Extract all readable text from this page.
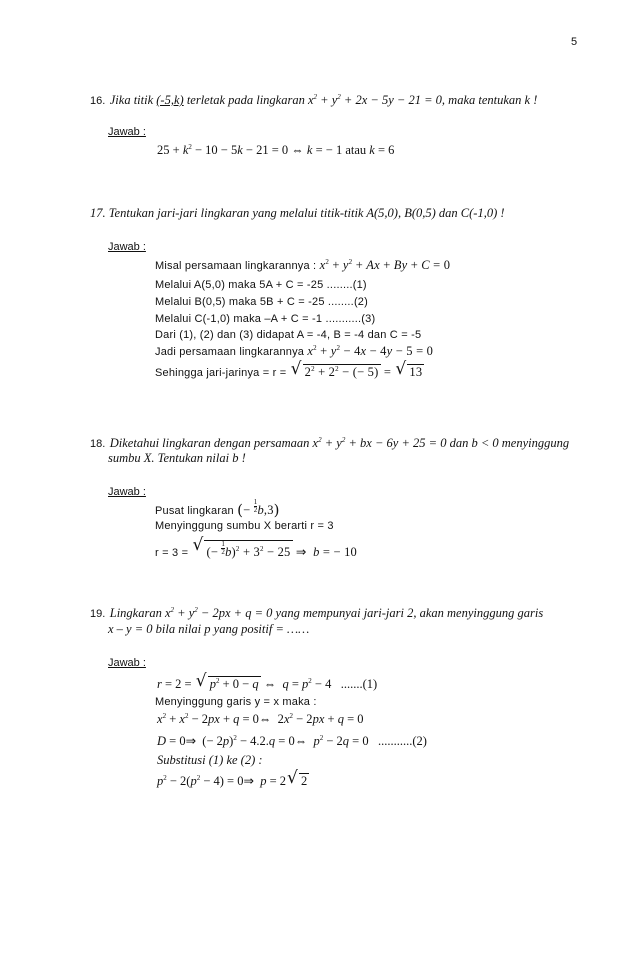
5
16. Jika titik (-5,k) terletak pada lingkaran $x^2 + y^2 + 2x - 5y - 21 = 0$, maka tentukan k !
Jawab :
$25 + k^2 - 10 - 5k - 21 = 0$ ⇔ k = − 1 atau k = 6
17. Tentukan jari-jari lingkaran yang melalui titik-titik A(5,0), B(0,5) dan C(-1,0) !
Jawab :
Misal persamaan lingkarannya : $x^2 + y^2 + Ax + By + C = 0$
Melalui A(5,0) maka 5A + C = -25 ........(1)
Melalui B(0,5) maka 5B + C = -25 ........(2)
Melalui C(-1,0) maka –A + C = -1 ...........(3)
Dari (1), (2) dan (3) didapat A = -4, B = -4 dan C = -5
Jadi persamaan lingkarannya $x^2 + y^2 - 4x - 4y - 5 = 0$
Sehingga jari-jarinya = r = √ $2^2 + 2^2$ − (− 5) = √ 13
18. Diketahui lingkaran dengan persamaan $x^2 + y^2$ + bx − 6y + 25 = 0 dan b < 0 menyinggung
sumbu X. Tentukan nilai b !
Jawab :
Pusat lingkaran (− $\frac{1}{2} b,3$)
Menyinggung sumbu X berarti r = 3
r = 3 = √ (− $\frac{1}{2} b)^2 + 3^2 - 25$ ⇒  b = − 10
19. Lingkaran $x^2 + y^2 - 2px + q = 0$ yang mempunyai jari-jari 2, akan menyinggung garis
x – y = 0 bila nilai p yang positif = ……
Jawab :
r = 2 = √ $p^2 + 0 - q$ ⇔  $q = p^2 - 4$   .......(1)
Menyinggung garis y = x maka :
$x^2 + x^2 - 2px + q$ = 0⇔  $2x^2 - 2px + q = 0$
D = 0⇒  (− 2p)$^2$ − 4.2.q = 0⇔  $p^2 - 2q = 0$   ...........(2)
Substitusi (1) ke (2) :
$p^2 - 2(p^2 - 4)$ = 0⇒  p = 2√ 2
